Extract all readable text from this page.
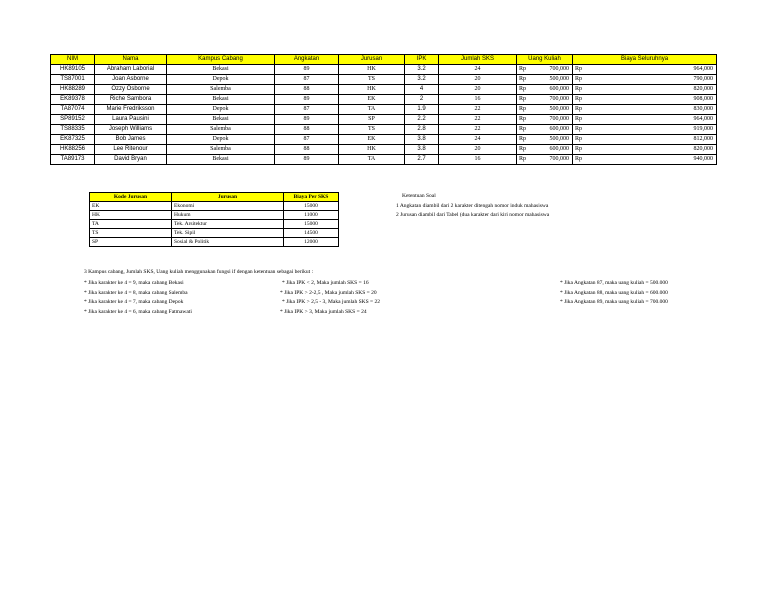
NIM	Nama	Kampus Cabang	Angkatan	Jurusan	IPK	Jumlah SKS	Uang Kuliah		Biaya Seluruhnya	
HK89105	Abraham Laborial	Bekasi	89	HK	3.2	24	Rp	700,000	Rp	964,000
TS87001	Joan Asborne	Depok	87	TS	3.2	20	Rp	500,000	Rp	790,000
HK88289	Ozzy Osborne	Salemba	88	HK	4	20	Rp	600,000	Rp	820,000
EK89378	Riche Sambora	Bekasi	89	EK	2	16	Rp	700,000	Rp	908,000
TA87074	Marie Fredriksson	Depok	87	TA	1.9	22	Rp	500,000	Rp	830,000
SP89152	Laura Pausini	Bekasi	89	SP	2.2	22	Rp	700,000	Rp	964,000
TS88335	Joseph Williams	Salemba	88	TS	2.8	22	Rp	600,000	Rp	919,000
EK87325	Bob James	Depok	87	EK	3.8	24	Rp	500,000	Rp	812,000
HK88256	Lee Ritenour	Salemba	88	HK	3.8	20	Rp	600,000	Rp	820,000
TA89173	David Bryan	Bekasi	89	TA	2.7	16	Rp	700,000	Rp	940,000
Kode Jurusan	Jurusan	Biaya Per SKS
EK	Ekonomi	15000
HK	Hukum	11000
TA	Tek. Arsitektur	15000
TS	Tek. Sipil	14500
SP	Sosial & Politik	12000
Ketentuan Soal
1 Angkatan diambil dari 2 karakter ditengah nomor induk mahasiswa
2 Jurusan diambil dari Tabel (dua karakter dari kiri nomor mahasiswa
3 Kampus cabang, Jumlah SKS, Uang kuliah menggunakan fungsi if dengan ketentuan sebagai berikut :
* Jika karakter ke 4 = 9, maka cabang Bekasi
* Jika karakter ke 4 = 8, maka cabang Salemba
* Jika karakter ke 4 = 7, maka cabang Depok
* Jika karakter ke 4 = 6, maka cabang Fatmawati
* Jika IPK < 2, Maka jumlah SKS = 16
* Jika IPK > 2-2,5 , Maka jumlah SKS = 20
* Jika IPK > 2,5 - 3, Maka jumlah SKS = 22
* Jika IPK > 3, Maka jumlah SKS = 24
* Jika Angkatan 87, maka uang kuliah = 500.000
* Jika Angkatan 88, maka uang kuliah = 600.000
* Jika Angkatan 89, maka uang kuliah = 700.000
